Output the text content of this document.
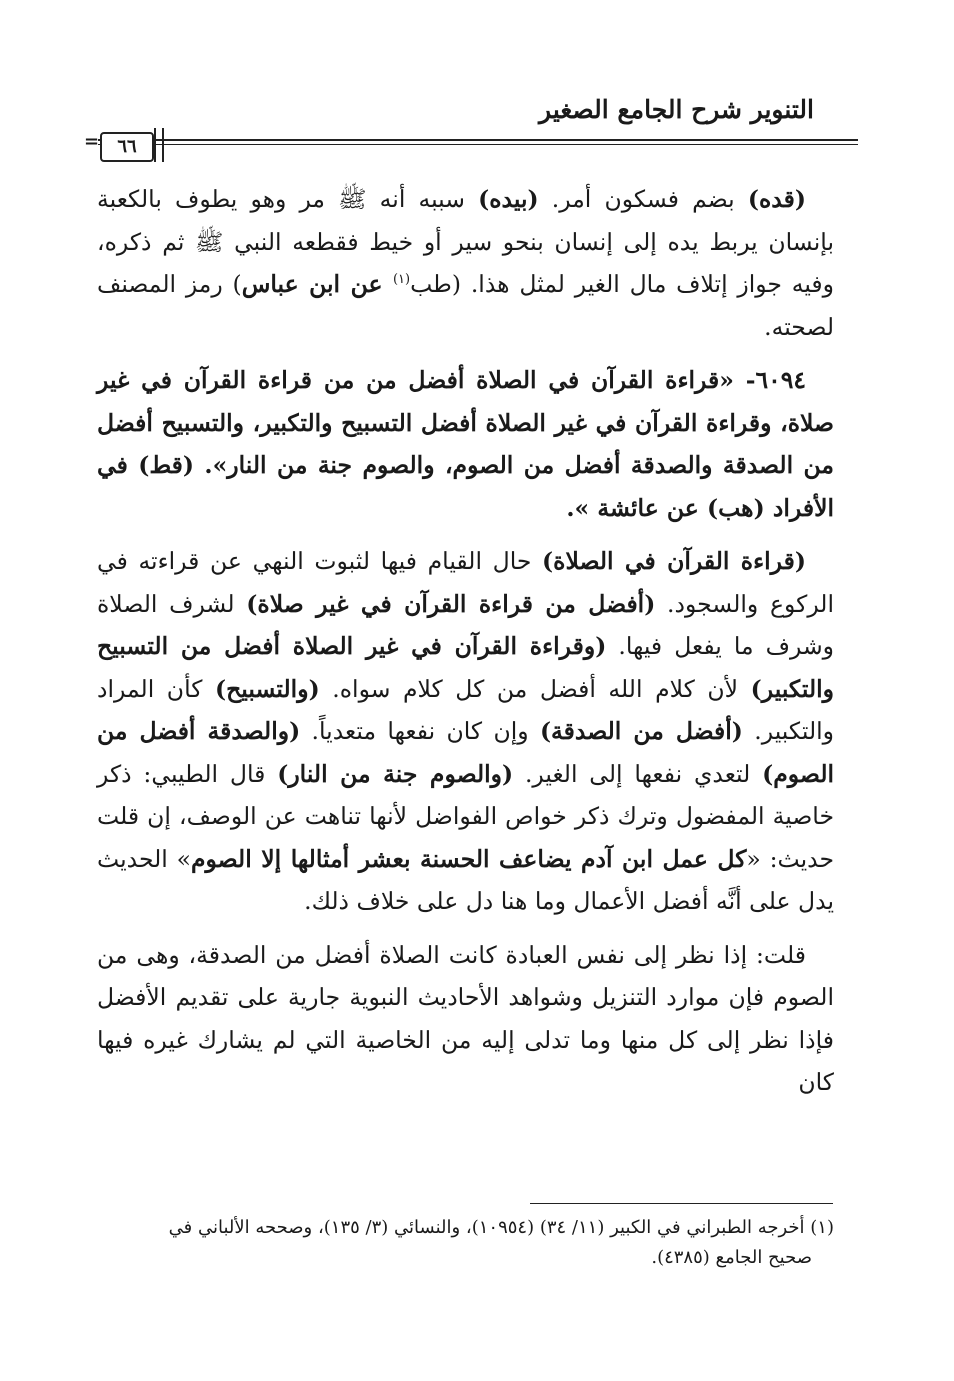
التنوير شرح الجامع الصغير
=	٦٦

(قده) بضم فسكون أمر. (بيده) سببه أنه ﷺ مر وهو يطوف بالكعبة بإنسان يربط يده إلى إنسان بنحو سير أو خيط فقطعه النبي ﷺ ثم ذكره، وفيه جواز إتلاف مال الغير لمثل هذا. (طب$^{(١)}$ عن ابن عباس) رمز المصنف لصحته.

٦٠٩٤- «قراءة القرآن في الصلاة أفضل من من قراءة القرآن في غير صلاة، وقراءة القرآن في غير الصلاة أفضل التسبيح والتكبير، والتسبيح أفضل من الصدقة والصدقة أفضل من الصوم، والصوم جنة من النار». (قط) في الأفراد (هب) عن عائشة ».

(قراءة القرآن في الصلاة) حال القيام فيها لثبوت النهي عن قراءته في الركوع والسجود. (أفضل من قراءة القرآن في غير صلاة) لشرف الصلاة وشرف ما يفعل فيها. (وقراءة القرآن في غير الصلاة أفضل من التسبيح والتكبير) لأن كلام الله أفضل من كل كلام سواه. (والتسبيح) كأن المراد والتكبير. (أفضل من الصدقة) وإن كان نفعها متعدياً. (والصدقة أفضل من الصوم) لتعدي نفعها إلى الغير. (والصوم جنة من النار) قال الطيبي: ذكر خاصية المفضول وترك ذكر خواص الفواضل لأنها تناهت عن الوصف، إن قلت حديث: «كل عمل ابن آدم يضاعف الحسنة بعشر أمثالها إلا الصوم» الحديث يدل على أنَّه أفضل الأعمال وما هنا دل على خلاف ذلك.

قلت: إذا نظر إلى نفس العبادة كانت الصلاة أفضل من الصدقة، وهى من الصوم فإن موارد التنزيل وشواهد الأحاديث النبوية جارية على تقديم الأفضل فإذا نظر إلى كل منها وما تدلى إليه من الخاصية التي لم يشارك غيره فيها كان

(١) أخرجه الطبراني في الكبير (١١/ ٣٤) (١٠٩٥٤)، والنسائي (٣/ ١٣٥)، وصححه الألباني في
صحيح الجامع (٤٣٨٥).
